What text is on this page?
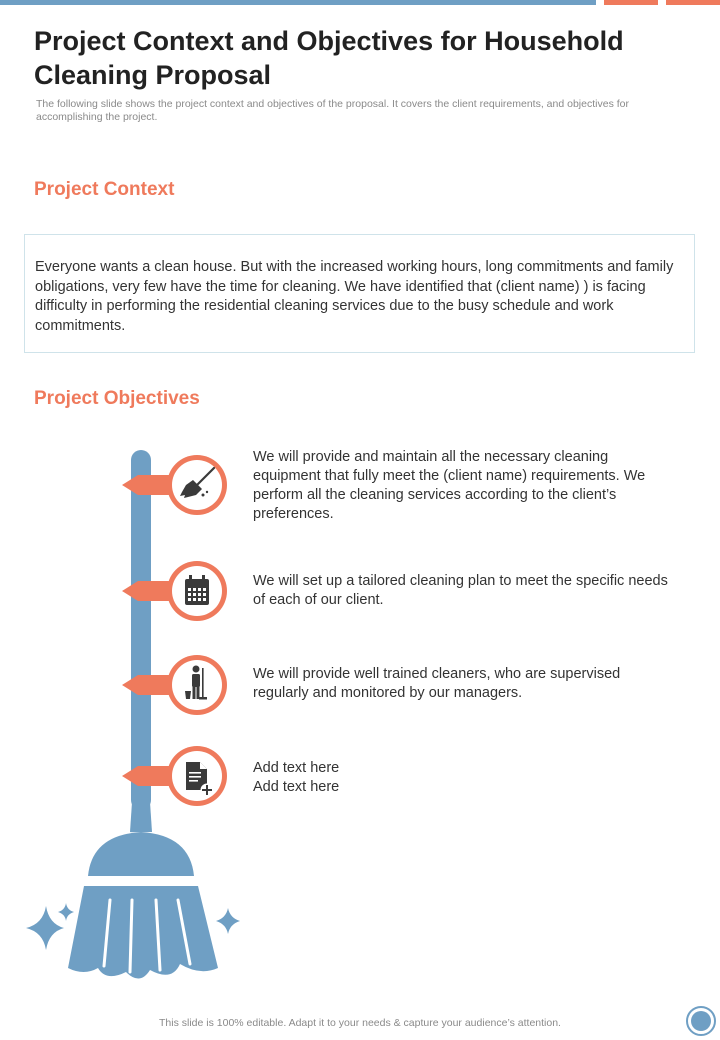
Project Context and Objectives for Household Cleaning Proposal
The following slide shows the project context and objectives of the proposal. It covers the client requirements, and objectives for accomplishing the project.
Project Context
Everyone wants a clean house. But with the increased working hours, long commitments and family obligations, very few have the time for cleaning. We have identified that (client name) ) is facing difficulty in performing the residential cleaning services due to the busy schedule and work commitments.
Project Objectives
We will provide and maintain all the necessary cleaning equipment that fully meet the (client name) requirements. We perform all the cleaning services according to the client’s preferences.
We will set up a tailored cleaning plan to meet the specific needs of each of our client.
We will provide well trained cleaners, who are supervised regularly and monitored by our managers.
Add text here
Add text here
This slide is 100% editable. Adapt it to your needs & capture your audience’s attention.
